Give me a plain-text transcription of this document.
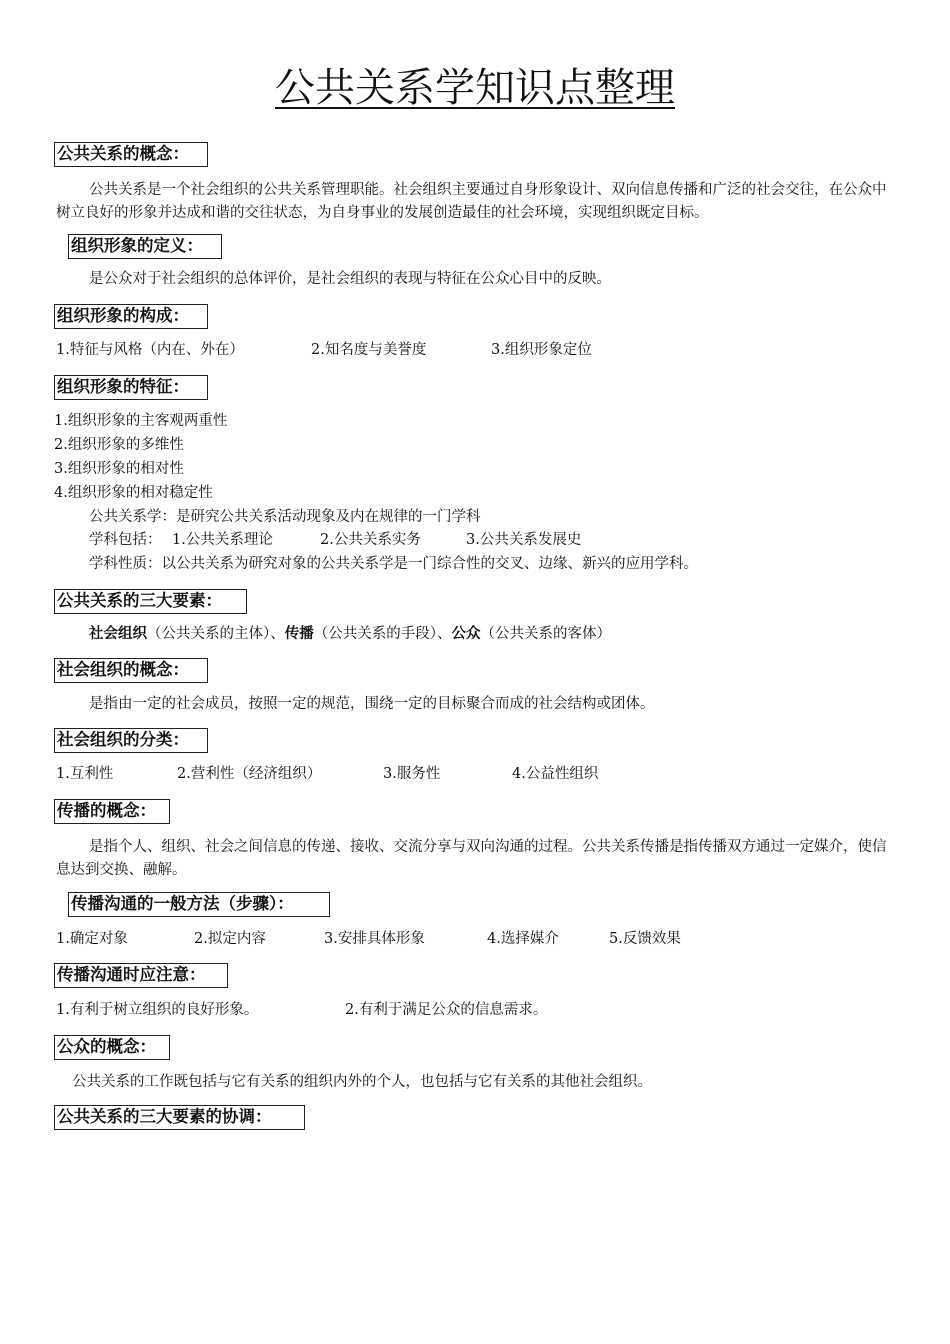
公共关系学知识点整理
公共关系的概念：
公共关系是一个社会组织的公共关系管理职能。社会组织主要通过自身形象设计、双向信息传播和广泛的社会交往，在公众中树立良好的形象并达成和谐的交往状态，为自身事业的发展创造最佳的社会环境，实现组织既定目标。
组织形象的定义：
是公众对于社会组织的总体评价，是社会组织的表现与特征在公众心目中的反映。
组织形象的构成：
1.特征与风格（内在、外在）	2.知名度与美誉度	3.组织形象定位
组织形象的特征：
1.组织形象的主客观两重性
2.组织形象的多维性
3.组织形象的相对性
4.组织形象的相对稳定性
公共关系学：是研究公共关系活动现象及内在规律的一门学科
学科包括： 1.公共关系理论	2.公共关系实务	3.公共关系发展史
学科性质：以公共关系为研究对象的公共关系学是一门综合性的交叉、边缘、新兴的应用学科。
公共关系的三大要素：
社会组织（公共关系的主体）、传播（公共关系的手段）、公众（公共关系的客体）
社会组织的概念：
是指由一定的社会成员，按照一定的规范，围绕一定的目标聚合而成的社会结构或团体。
社会组织的分类：
1.互利性	2.营利性（经济组织）	3.服务性	4.公益性组织
传播的概念：
是指个人、组织、社会之间信息的传递、接收、交流分享与双向沟通的过程。公共关系传播是指传播双方通过一定媒介，使信息达到交换、融解。
传播沟通的一般方法（步骤）：
1.确定对象	2.拟定内容	3.安排具体形象	4.选择媒介	5.反馈效果
传播沟通时应注意：
1.有利于树立组织的良好形象。	2.有利于满足公众的信息需求。
公众的概念：
公共关系的工作既包括与它有关系的组织内外的个人，也包括与它有关系的其他社会组织。
公共关系的三大要素的协调：
